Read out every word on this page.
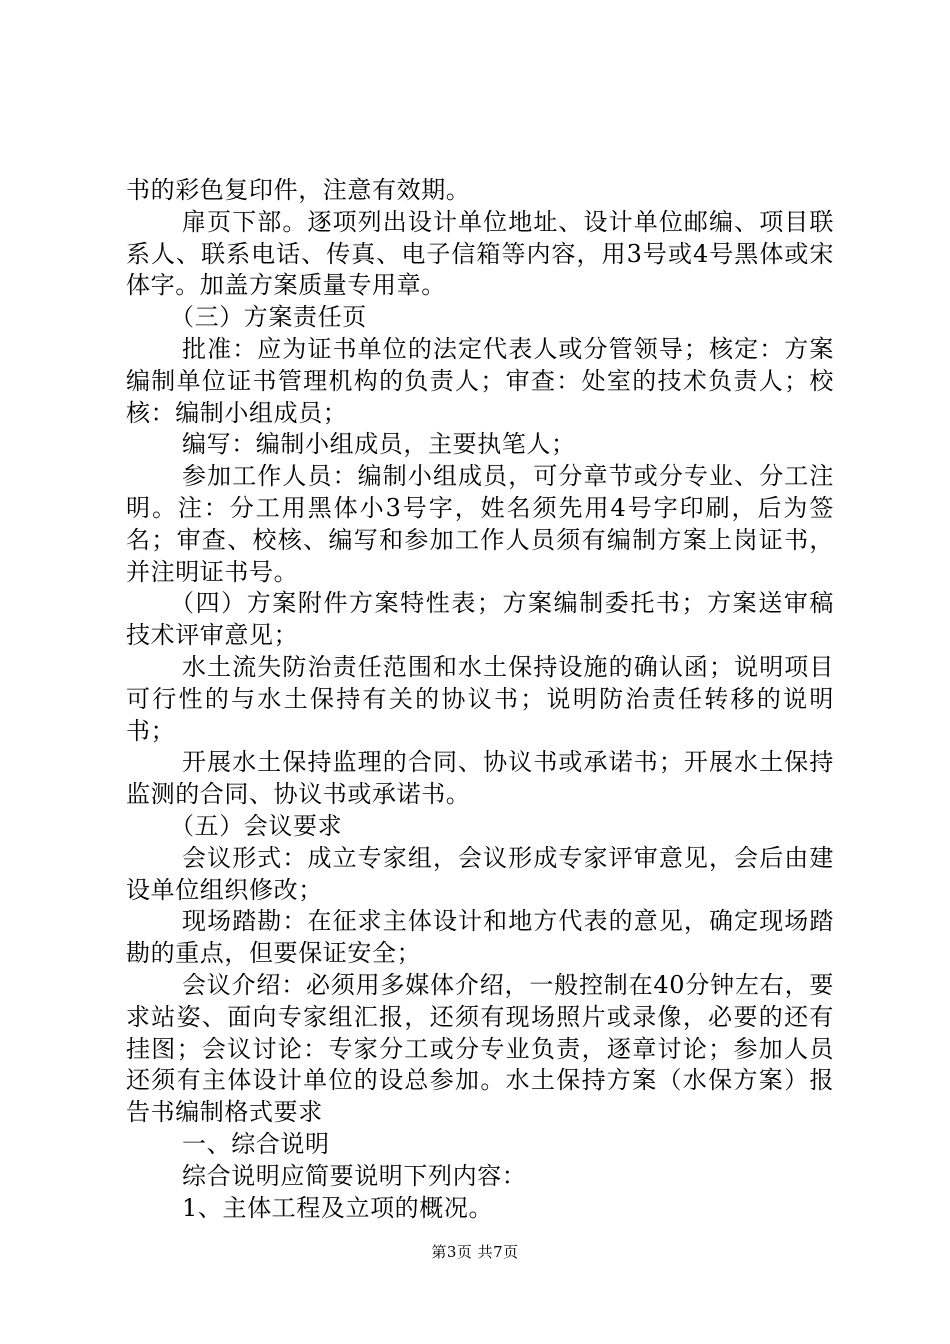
书的彩色复印件，注意有效期。

扉页下部。逐项列出设计单位地址、设计单位邮编、项目联系人、联系电话、传真、电子信箱等内容，用3号或4号黑体或宋体字。加盖方案质量专用章。

（三）方案责任页

批准：应为证书单位的法定代表人或分管领导；核定：方案编制单位证书管理机构的负责人；审查：处室的技术负责人；校核：编制小组成员；

编写：编制小组成员，主要执笔人；

参加工作人员：编制小组成员，可分章节或分专业、分工注明。注：分工用黑体小3号字，姓名须先用4号字印刷，后为签名；审查、校核、编写和参加工作人员须有编制方案上岗证书，并注明证书号。

（四）方案附件方案特性表；方案编制委托书；方案送审稿技术评审意见；

水土流失防治责任范围和水土保持设施的确认函；说明项目可行性的与水土保持有关的协议书；说明防治责任转移的说明书；

开展水土保持监理的合同、协议书或承诺书；开展水土保持监测的合同、协议书或承诺书。

（五）会议要求

会议形式：成立专家组，会议形成专家评审意见，会后由建设单位组织修改；

现场踏勘：在征求主体设计和地方代表的意见，确定现场踏勘的重点，但要保证安全；

会议介绍：必须用多媒体介绍，一般控制在40分钟左右，要求站姿、面向专家组汇报，还须有现场照片或录像，必要的还有挂图；会议讨论：专家分工或分专业负责，逐章讨论；参加人员还须有主体设计单位的设总参加。水土保持方案（水保方案）报告书编制格式要求

一、综合说明

综合说明应简要说明下列内容：

1、主体工程及立项的概况。

第3页 共7页
